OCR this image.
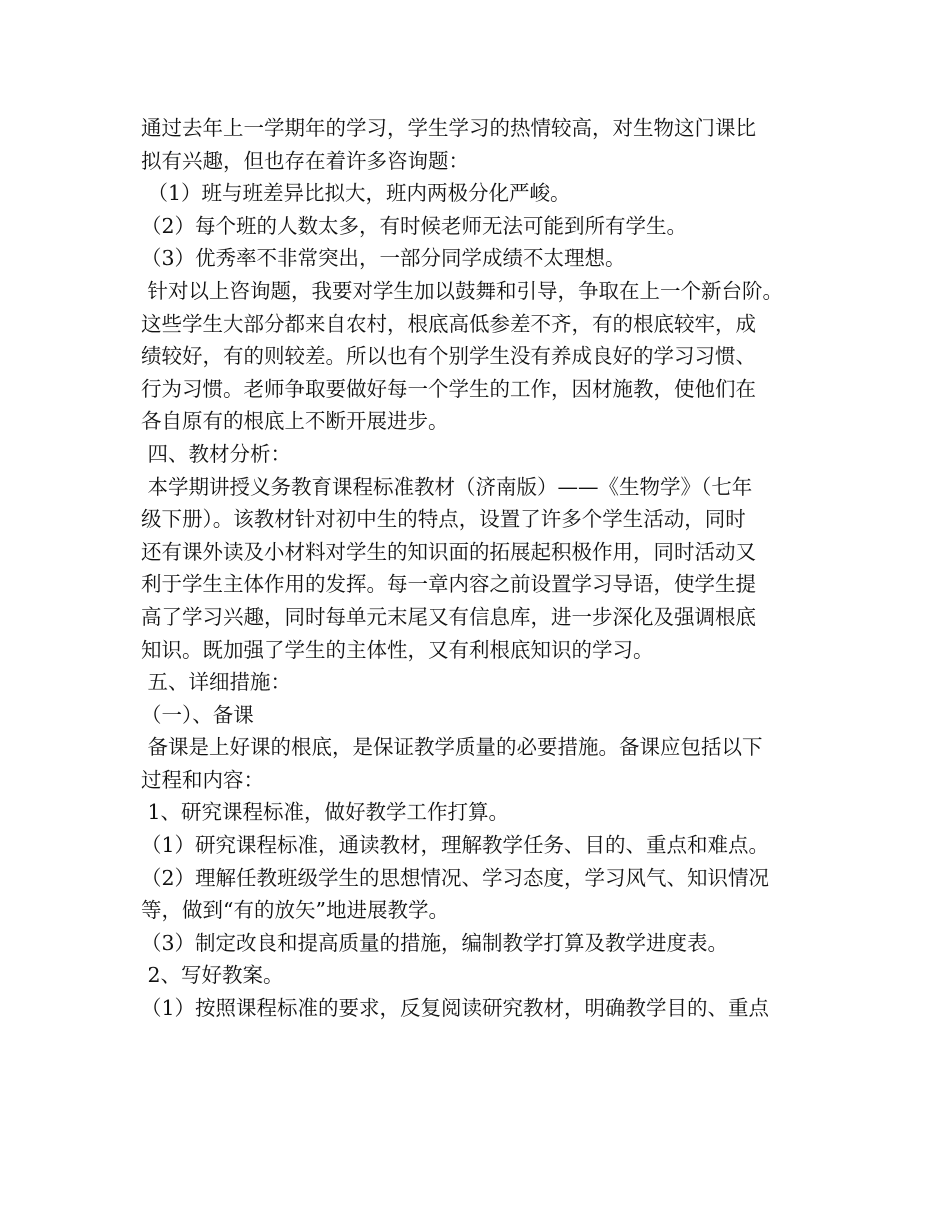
通过去年上一学期年的学习，学生学习的热情较高，对生物这门课比
拟有兴趣，但也存在着许多咨询题：
（1）班与班差异比拟大，班内两极分化严峻。
（2）每个班的人数太多，有时候老师无法可能到所有学生。
（3）优秀率不非常突出，一部分同学成绩不太理想。
针对以上咨询题，我要对学生加以鼓舞和引导，争取在上一个新台阶。
这些学生大部分都来自农村，根底高低参差不齐，有的根底较牢，成
绩较好，有的则较差。所以也有个别学生没有养成良好的学习习惯、
行为习惯。老师争取要做好每一个学生的工作，因材施教，使他们在
各自原有的根底上不断开展进步。
四、教材分析：
本学期讲授义务教育课程标准教材（济南版）——《生物学》（七年
级下册）。该教材针对初中生的特点，设置了许多个学生活动，同时
还有课外读及小材料对学生的知识面的拓展起积极作用，同时活动又
利于学生主体作用的发挥。每一章内容之前设置学习导语，使学生提
高了学习兴趣，同时每单元末尾又有信息库，进一步深化及强调根底
知识。既加强了学生的主体性，又有利根底知识的学习。
五、详细措施：
（一）、备课
备课是上好课的根底，是保证教学质量的必要措施。备课应包括以下
过程和内容：
1、研究课程标准，做好教学工作打算。
（1）研究课程标准，通读教材，理解教学任务、目的、重点和难点。
（2）理解任教班级学生的思想情况、学习态度，学习风气、知识情况
等，做到“有的放矢”地进展教学。
（3）制定改良和提高质量的措施，编制教学打算及教学进度表。
2、写好教案。
（1）按照课程标准的要求，反复阅读研究教材，明确教学目的、重点
